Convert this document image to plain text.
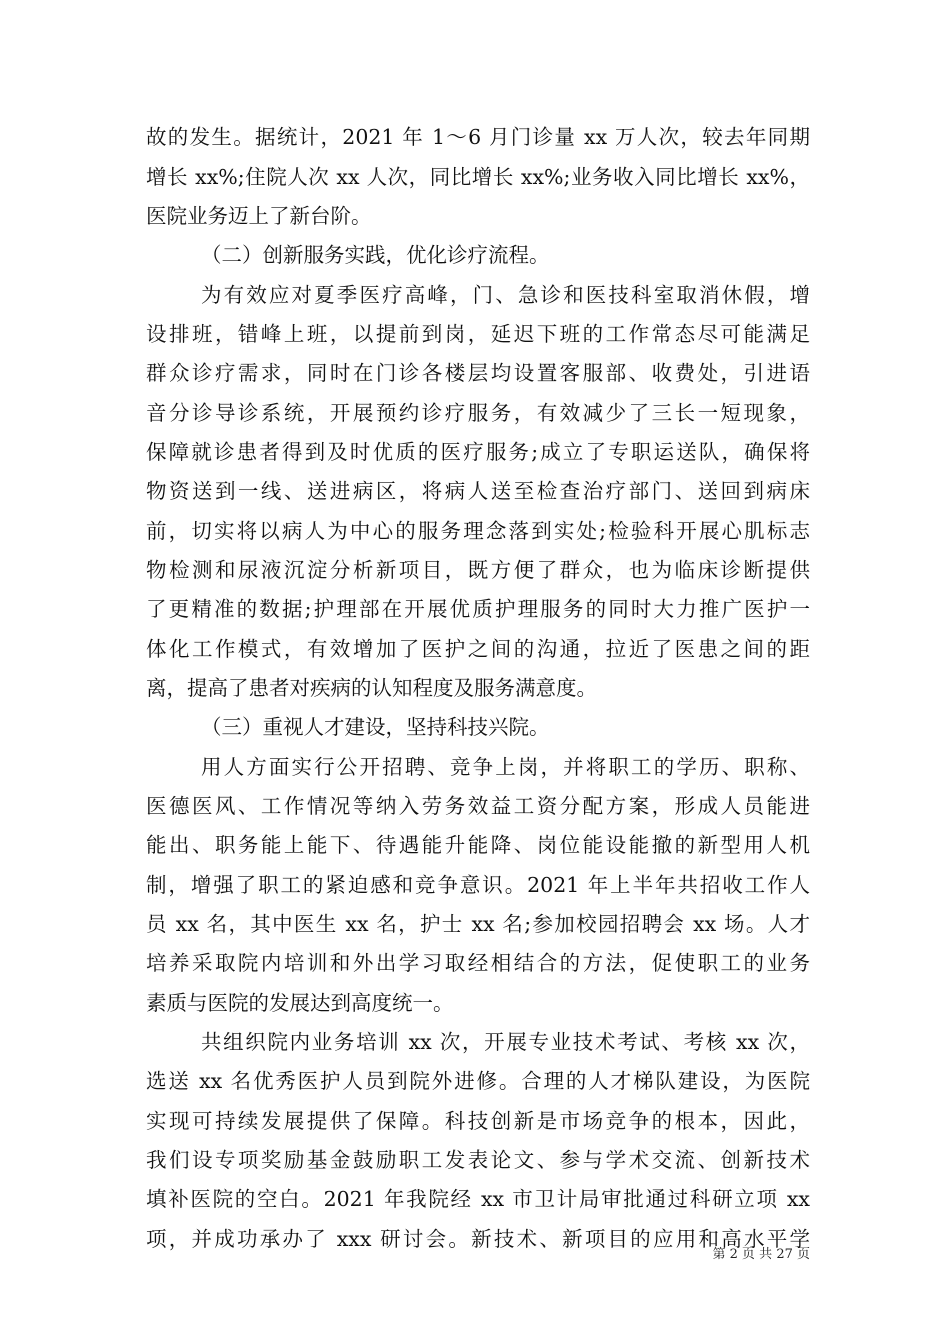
故的发生。据统计，2021 年 1～6 月门诊量 xx 万人次，较去年同期
增长 xx%;住院人次 xx 人次，同比增长 xx%;业务收入同比增长 xx%，
医院业务迈上了新台阶。
（二）创新服务实践，优化诊疗流程。
为有效应对夏季医疗高峰，门、急诊和医技科室取消休假，增
设排班，错峰上班，以提前到岗，延迟下班的工作常态尽可能满足
群众诊疗需求，同时在门诊各楼层均设置客服部、收费处，引进语
音分诊导诊系统，开展预约诊疗服务，有效减少了三长一短现象，
保障就诊患者得到及时优质的医疗服务;成立了专职运送队，确保将
物资送到一线、送进病区，将病人送至检查治疗部门、送回到病床
前，切实将以病人为中心的服务理念落到实处;检验科开展心肌标志
物检测和尿液沉淀分析新项目，既方便了群众，也为临床诊断提供
了更精准的数据;护理部在开展优质护理服务的同时大力推广医护一
体化工作模式，有效增加了医护之间的沟通，拉近了医患之间的距
离，提高了患者对疾病的认知程度及服务满意度。
（三）重视人才建设，坚持科技兴院。
用人方面实行公开招聘、竞争上岗，并将职工的学历、职称、
医德医风、工作情况等纳入劳务效益工资分配方案，形成人员能进
能出、职务能上能下、待遇能升能降、岗位能设能撤的新型用人机
制，增强了职工的紧迫感和竞争意识。2021 年上半年共招收工作人
员 xx 名，其中医生 xx 名，护士 xx 名;参加校园招聘会 xx 场。人才
培养采取院内培训和外出学习取经相结合的方法，促使职工的业务
素质与医院的发展达到高度统一。
共组织院内业务培训 xx 次，开展专业技术考试、考核 xx 次，
选送 xx 名优秀医护人员到院外进修。合理的人才梯队建设，为医院
实现可持续发展提供了保障。科技创新是市场竞争的根本，因此，
我们设专项奖励基金鼓励职工发表论文、参与学术交流、创新技术
填补医院的空白。2021 年我院经 xx 市卫计局审批通过科研立项 xx
项，并成功承办了 xxx 研讨会。新技术、新项目的应用和高水平学
第 2 页 共 27 页
